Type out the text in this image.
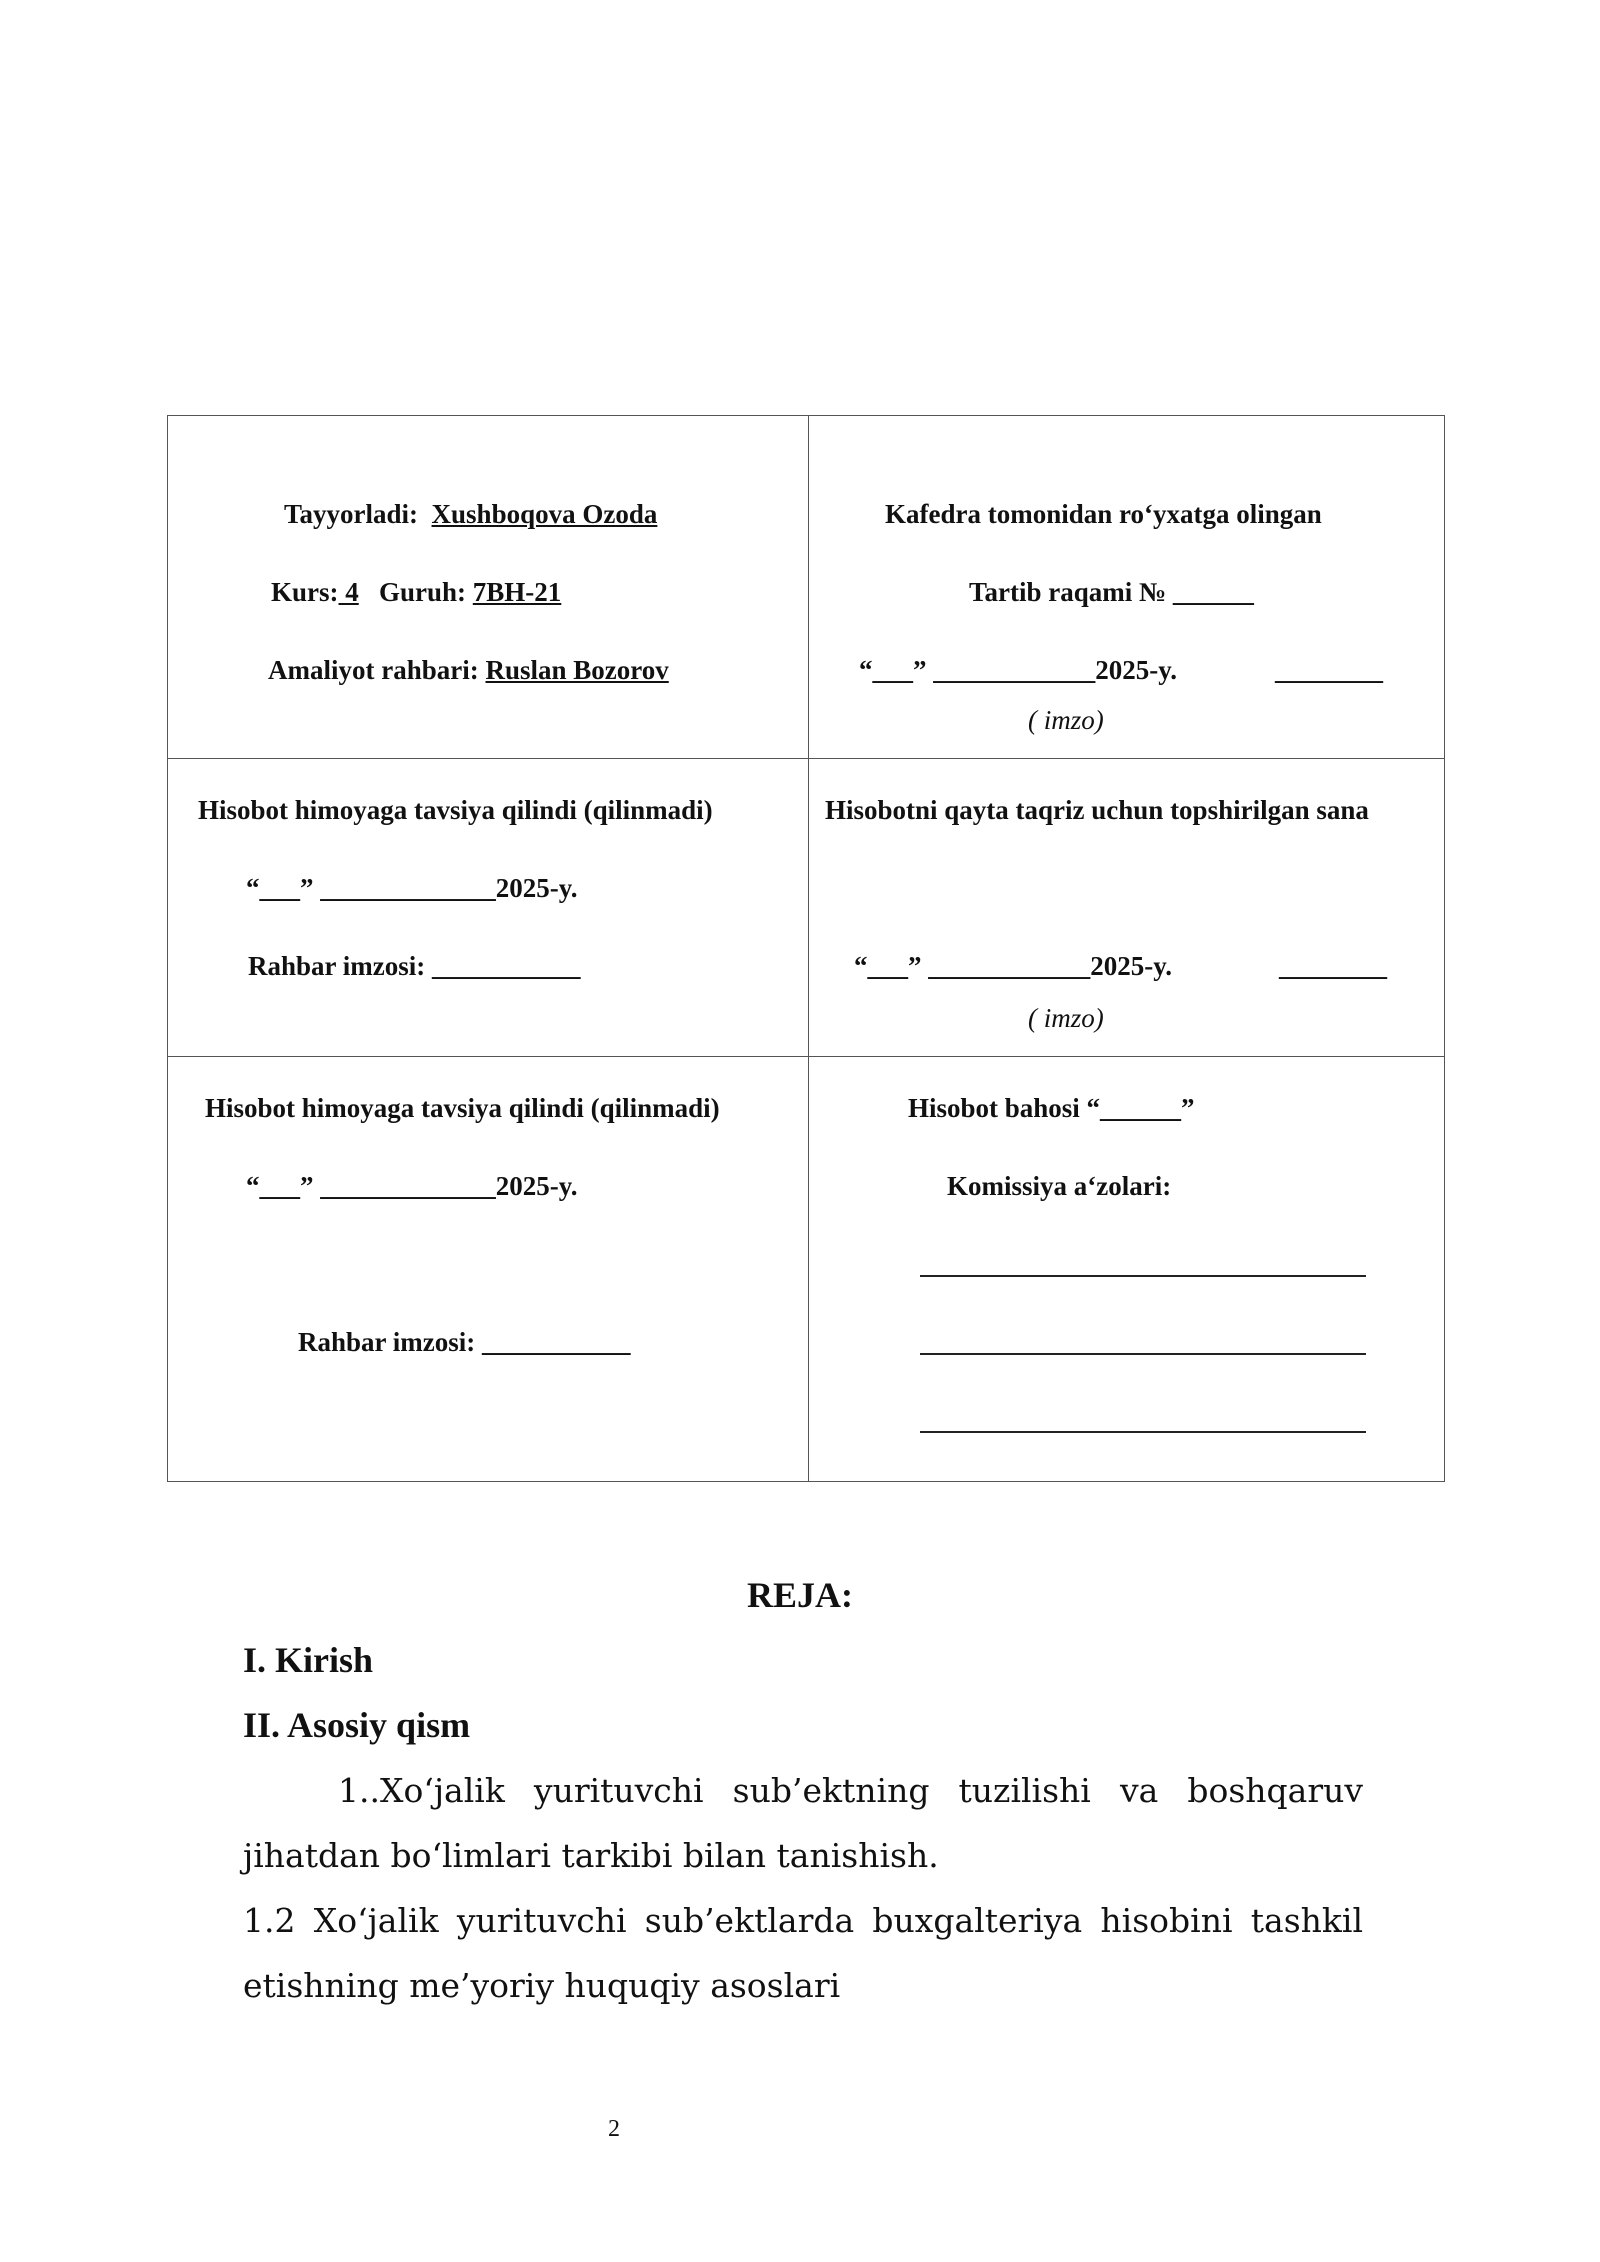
Tayyorladi: Xushboqova Ozoda
Kurs: 4 Guruh: 7BH-21
Amaliyot rahbari: Ruslan Bozorov
Kafedra tomonidan ro‘yxatga olingan
Tartib raqami № ______
“___” ____________2025-y.	________
( imzo)
Hisobot himoyaga tavsiya qilindi (qilinmadi)
“___” _____________2025-y.
Rahbar imzosi: ___________
Hisobotni qayta taqriz uchun topshirilgan sana
“___” ____________2025-y.	________
( imzo)
Hisobot himoyaga tavsiya qilindi (qilinmadi)
“___” _____________2025-y.
Rahbar imzosi: ___________
Hisobot bahosi “______”
Komissiya a‘zolari:
REJA:
I. Kirish
II. Asosiy qism
1..Xo‘jalik yurituvchi sub’ektning tuzilishi va boshqaruv jihatdan bo‘limlari tarkibi bilan tanishish.
1.2 Xo‘jalik yurituvchi sub’ektlarda buxgalteriya hisobini tashkil etishning me’yoriy huquqiy asoslari
2
